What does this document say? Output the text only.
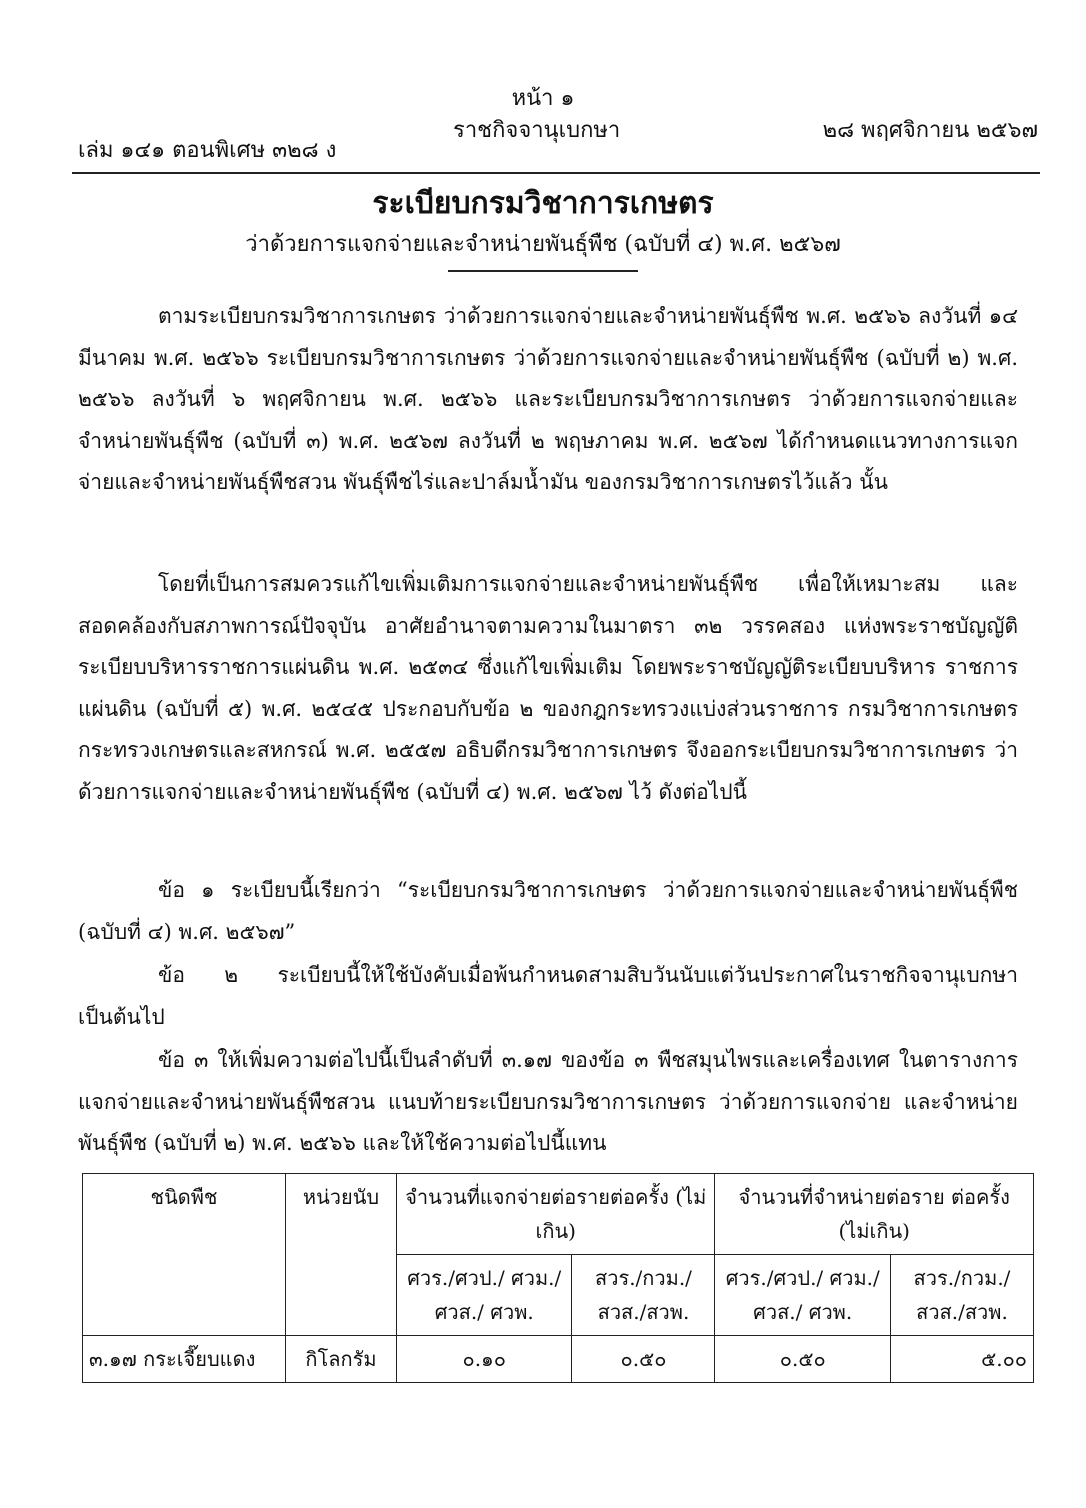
หน้า ๑
เล่ม ๑๔๑ ตอนพิเศษ ๓๒๘ ง
ราชกิจจานุเบกษา	๒๘ พฤศจิกายน ๒๕๖๗
ระเบียบกรมวิชาการเกษตร
ว่าด้วยการแจกจ่ายและจำหน่ายพันธุ์พืช (ฉบับที่ ๔) พ.ศ. ๒๕๖๗

ตามระเบียบกรมวิชาการเกษตร ว่าด้วยการแจกจ่ายและจำหน่ายพันธุ์พืช พ.ศ. ๒๕๖๖ ลงวันที่ ๑๔ มีนาคม พ.ศ. ๒๕๖๖ ระเบียบกรมวิชาการเกษตร ว่าด้วยการแจกจ่ายและจำหน่ายพันธุ์พืช (ฉบับที่ ๒) พ.ศ. ๒๕๖๖ ลงวันที่ ๖ พฤศจิกายน พ.ศ. ๒๕๖๖ และระเบียบกรมวิชาการเกษตร ว่าด้วยการแจกจ่ายและจำหน่ายพันธุ์พืช (ฉบับที่ ๓) พ.ศ. ๒๕๖๗ ลงวันที่ ๒ พฤษภาคม พ.ศ. ๒๕๖๗ ได้กำหนดแนวทางการแจกจ่ายและจำหน่ายพันธุ์พืชสวน พันธุ์พืชไร่และปาล์มน้ำมัน ของกรมวิชาการเกษตรไว้แล้ว นั้น

โดยที่เป็นการสมควรแก้ไขเพิ่มเติมการแจกจ่ายและจำหน่ายพันธุ์พืช เพื่อให้เหมาะสม และสอดคล้องกับสภาพการณ์ปัจจุบัน อาศัยอำนาจตามความในมาตรา ๓๒ วรรคสอง แห่งพระราชบัญญัติ ระเบียบบริหารราชการแผ่นดิน พ.ศ. ๒๕๓๔ ซึ่งแก้ไขเพิ่มเติม โดยพระราชบัญญัติระเบียบบริหาร ราชการแผ่นดิน (ฉบับที่ ๕) พ.ศ. ๒๕๔๕ ประกอบกับข้อ ๒ ของกฎกระทรวงแบ่งส่วนราชการ กรมวิชาการเกษตร กระทรวงเกษตรและสหกรณ์ พ.ศ. ๒๕๕๗ อธิบดีกรมวิชาการเกษตร จึงออกระเบียบกรมวิชาการเกษตร ว่าด้วยการแจกจ่ายและจำหน่ายพันธุ์พืช (ฉบับที่ ๔) พ.ศ. ๒๕๖๗ ไว้ ดังต่อไปนี้

ข้อ ๑ ระเบียบนี้เรียกว่า “ระเบียบกรมวิชาการเกษตร ว่าด้วยการแจกจ่ายและจำหน่ายพันธุ์พืช (ฉบับที่ ๔) พ.ศ. ๒๕๖๗”

ข้อ ๒ ระเบียบนี้ให้ใช้บังคับเมื่อพ้นกำหนดสามสิบวันนับแต่วันประกาศในราชกิจจานุเบกษา เป็นต้นไป

ข้อ ๓ ให้เพิ่มความต่อไปนี้เป็นลำดับที่ ๓.๑๗ ของข้อ ๓ พืชสมุนไพรและเครื่องเทศ ในตารางการแจกจ่ายและจำหน่ายพันธุ์พืชสวน แนบท้ายระเบียบกรมวิชาการเกษตร ว่าด้วยการแจกจ่าย และจำหน่ายพันธุ์พืช (ฉบับที่ ๒) พ.ศ. ๒๕๖๖ และให้ใช้ความต่อไปนี้แทน

ชนิดพืช	หน่วยนับ	จำนวนที่แจกจ่ายต่อรายต่อครั้ง (ไม่เกิน)		จำนวนที่จำหน่ายต่อราย ต่อครั้ง (ไม่เกิน)	
		ศวร./ศวป./ ศวม./ศวส./ ศวพ.	สวร./กวม./ สวส./สวพ.	ศวร./ศวป./ ศวม./ศวส./ ศวพ.	สวร./กวม./ สวส./สวพ.
๓.๑๗ กระเจี๊ยบแดง	กิโลกรัม	๐.๑๐	๐.๕๐	๐.๕๐	๕.๐๐
